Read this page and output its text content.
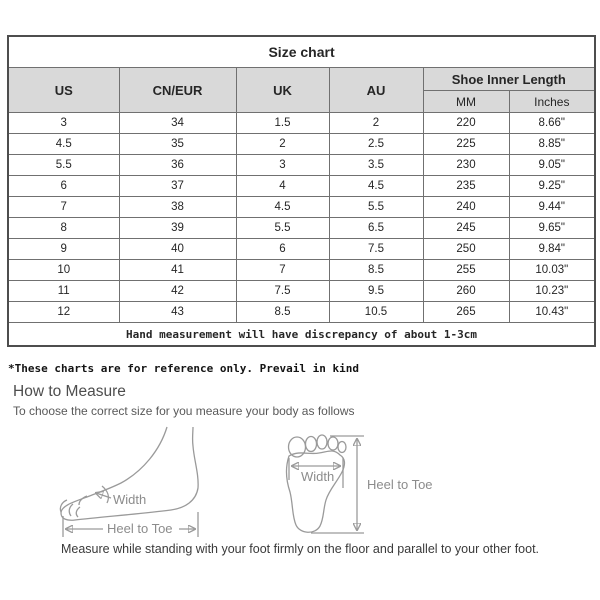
Size chart					
US	CN/EUR	UK	AU	Shoe Inner Length	
				MM	Inches
3	34	1.5	2	220	8.66"
4.5	35	2	2.5	225	8.85"
5.5	36	3	3.5	230	9.05"
6	37	4	4.5	235	9.25"
7	38	4.5	5.5	240	9.44"
8	39	5.5	6.5	245	9.65"
9	40	6	7.5	250	9.84"
10	41	7	8.5	255	10.03"
11	42	7.5	9.5	260	10.23"
12	43	8.5	10.5	265	10.43"
Hand measurement will have discrepancy of about 1-3cm					
*These charts are for reference only. Prevail in kind
How to Measure
To choose the correct size for you measure your body as follows
Width
Heel to Toe
Width
Heel to Toe
Measure while standing with your foot firmly on the floor and parallel to your other foot.
